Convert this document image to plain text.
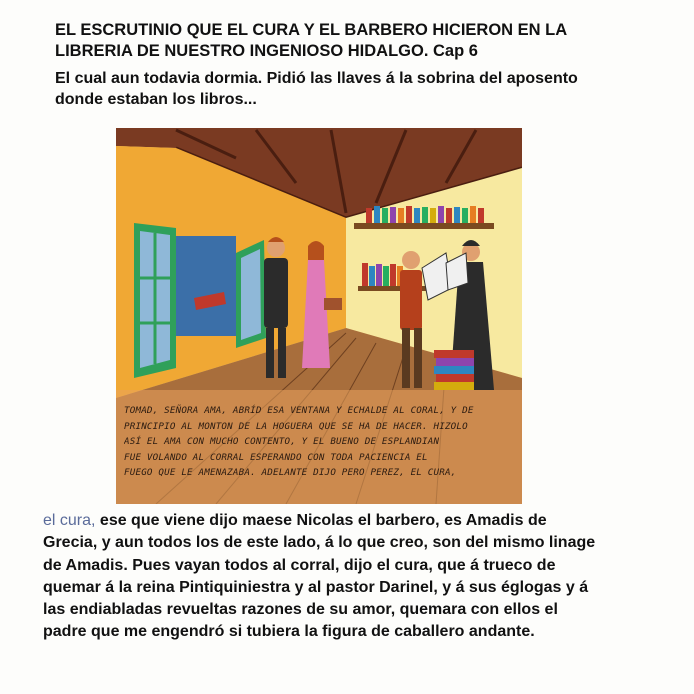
EL ESCRUTINIO QUE EL CURA Y EL BARBERO HICIERON EN LA
LIBRERIA DE NUESTRO INGENIOSO HIDALGO. Cap 6
El cual aun todavia dormia. Pidió las llaves á la sobrina del aposento
donde estaban los libros...
TOMAD, SEÑORA AMA, ABRÍD ESA VENTANA Y ECHALDE AL CORAL, Y DE
PRINCIPIO AL MONTON DE LA HOGUERA QUE SE HA DE HACER. HIZOLO
ASÍ EL AMA CON MUCHO CONTENTO, Y EL BUENO DE ESPLANDIAN
FUE VOLANDO AL CORRAL ESPERANDO CON TODA PACIENCIA EL
FUEGO QUE LE AMENAZABA. ADELANTE DIJO PERO PEREZ, EL CURA,
el cura, ese que viene dijo maese Nicolas el barbero, es Amadis de
Grecia, y aun todos los de este lado, á lo que creo, son del mismo linage
de Amadis. Pues vayan todos al corral, dijo el cura, que á trueco de
quemar á la reina Pintiquiniestra y al pastor Darinel, y á sus églogas y á
las endiabladas revueltas razones de su amor, quemara con ellos el
padre que me engendró si tubiera la figura de caballero andante.
